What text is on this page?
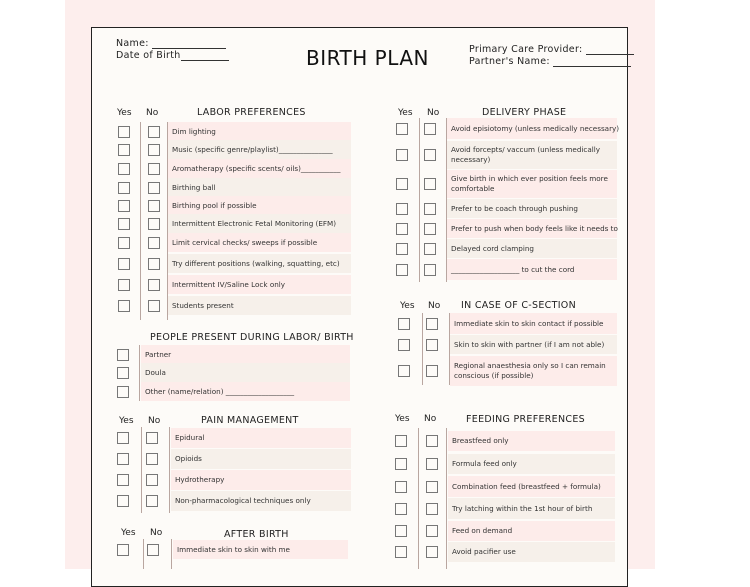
Name:
Date of Birth	BIRTH PLAN	Primary Care Provider:
Partner's Name:
Yes No	LABOR PREFERENCES
PEOPLE PRESENT DURING LABOR/ BIRTH
Yes No	PAIN MANAGEMENT
Yes No	AFTER BIRTH
Yes No	DELIVERY PHASE
Yes No IN CASE OF C-SECTION
Yes No	FEEDING PREFERENCES
Dim lighting
Music (specific genre/playlist)_______________
Aromatherapy (specific scents/ oils)___________
Birthing ball
Birthing pool if possible
Intermittent Electronic Fetal Monitoring (EFM)
Limit cervical checks/ sweeps if possible
Try different positions (walking, squatting, etc)
Intermittent IV/Saline Lock only
Students present
Partner
Doula
Other (name/relation) ___________________
Epidural
Opioids
Hydrotherapy
Non-pharmacological techniques only
Immediate skin to skin with me
Avoid episiotomy (unless medically necessary)
Avoid forcepts/ vaccum (unless medically necessary)
Give birth in which ever position feels more comfortable
Prefer to be coach through pushing
Prefer to push when body feels like it needs to
Delayed cord clamping
___________________ to cut the cord
Immediate skin to skin contact if possible
Skin to skin with partner (if I am not able)
Regional anaesthesia only so I can remain conscious (if possible)
Breastfeed only
Formula feed only
Combination feed (breastfeed + formula)
Try latching within the 1st hour of birth
Feed on demand
Avoid pacifier use
